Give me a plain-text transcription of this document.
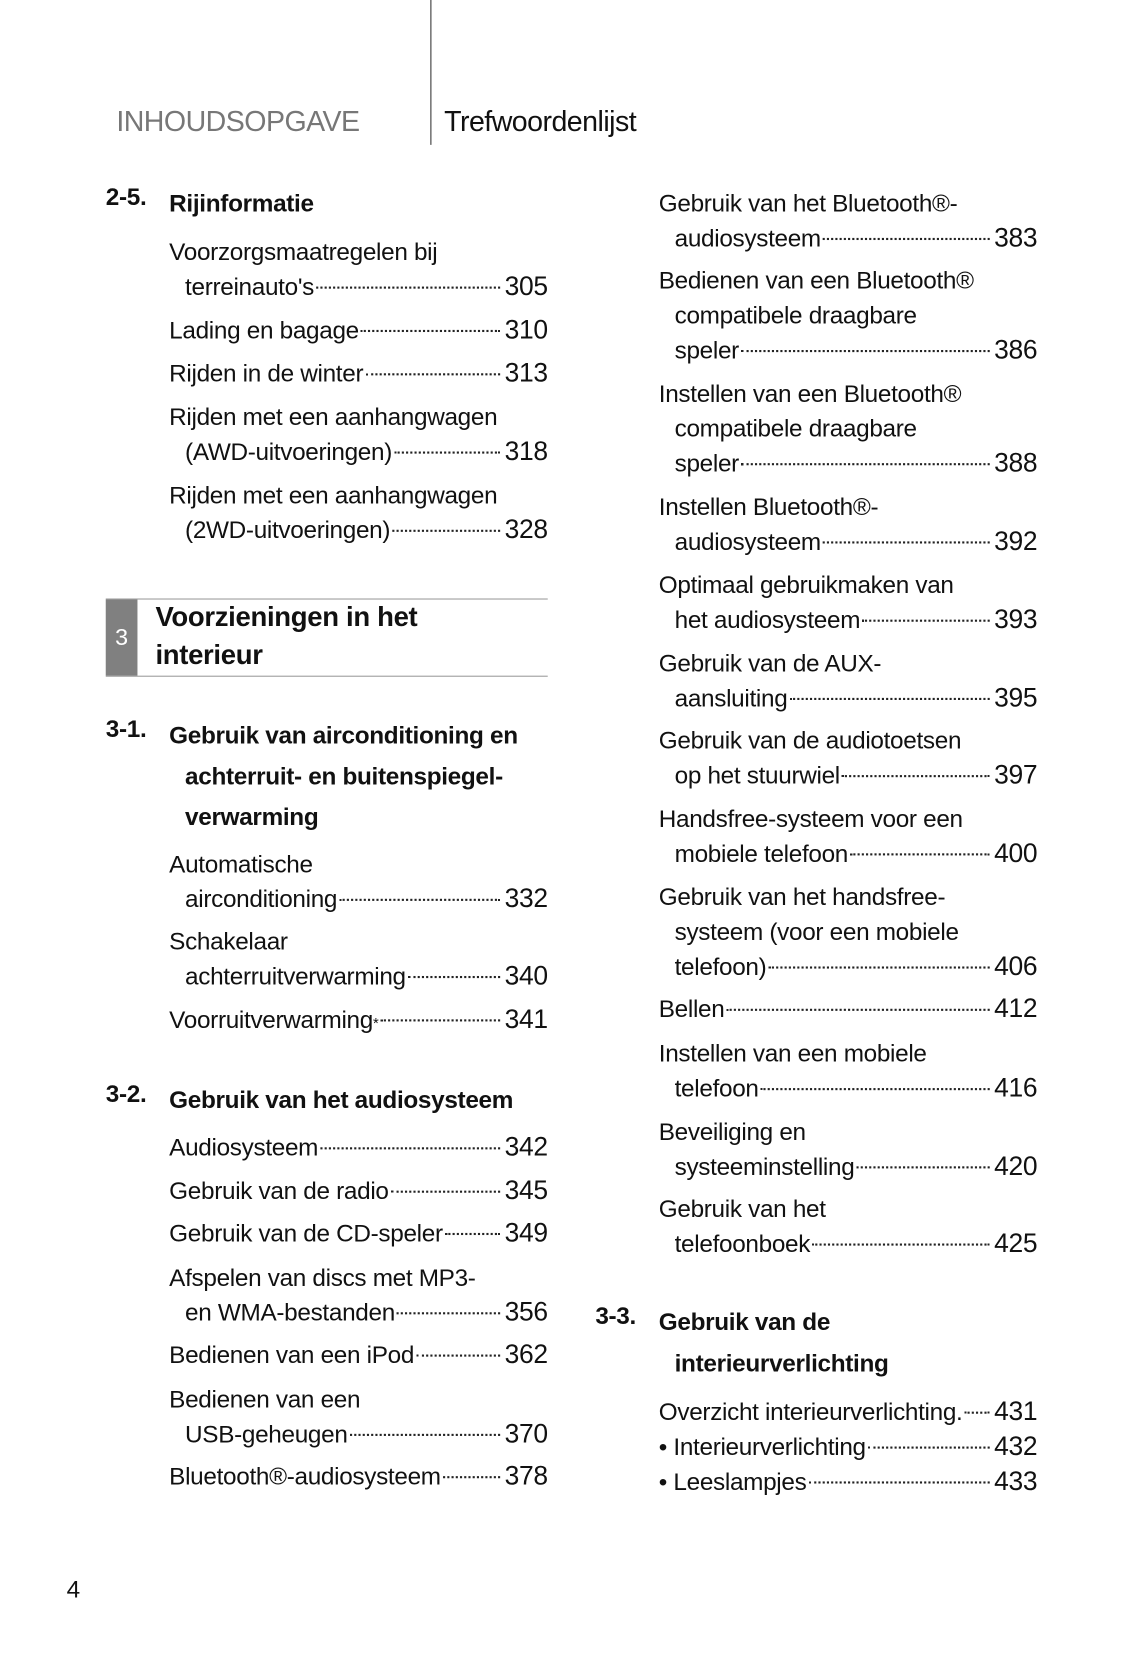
INHOUDSOPGAVE	Trefwoordenlijst
2-5. Rijinformatie
Voorzorgsmaatregelen bij
terreinauto's	305
Lading en bagage	310
Rijden in de winter	313
Rijden met een aanhangwagen
(AWD-uitvoeringen)	318
Rijden met een aanhangwagen
(2WD-uitvoeringen)	328
3-1. Gebruik van airconditioning en
achterruit- en buitenspiegel-
verwarming
Automatische
airconditioning	332
Schakelaar
achterruitverwarming	340
Voorruitverwarming *	341
3-2. Gebruik van het audiosysteem
Audiosysteem	342
Gebruik van de radio	345
Gebruik van de CD-speler 349
Afspelen van discs met MP3-
en WMA-bestanden	356
Bedienen van een iPod	362
Bedienen van een
USB-geheugen	370
Bluetooth®-audiosysteem	378
Gebruik van het Bluetooth®-
audiosysteem	383
Bedienen van een Bluetooth®
compatibele draagbare
speler	386
Instellen van een Bluetooth®
compatibele draagbare
speler	388
Instellen Bluetooth®-
audiosysteem	392
Optimaal gebruikmaken van
het audiosysteem	393
Gebruik van de AUX-
aansluiting	395
Gebruik van de audiotoetsen
op het stuurwiel	397
Handsfree-systeem voor een
mobiele telefoon	400
Gebruik van het handsfree-
systeem (voor een mobiele
telefoon)	406
Bellen	412
Instellen van een mobiele
telefoon	416
Beveiliging en
systeeminstelling	420
Gebruik van het
telefoonboek	425
3-3. Gebruik van de
interieurverlichting
Overzicht interieurverlichting. 431
• Interieurverlichting	432
• Leeslampjes	433
3
Voorzieningen in het
interieur
4
